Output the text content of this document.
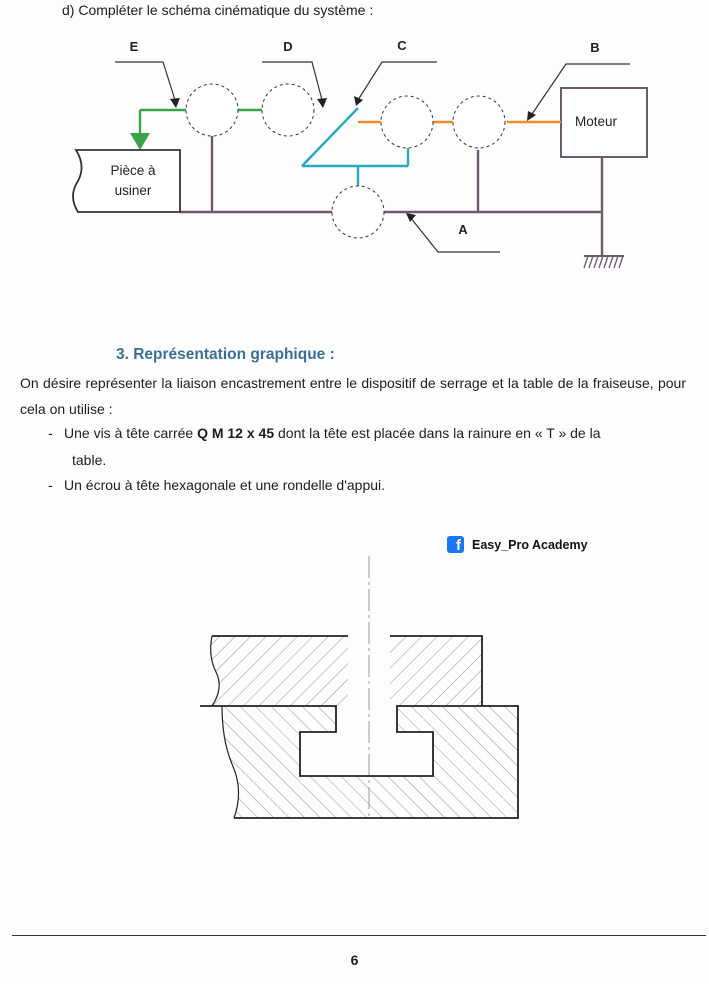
d) Compléter le schéma cinématique du système :
Pièce à
usiner
Moteur
E	D	C	B
A
3. Représentation graphique :
On désire représenter la liaison encastrement entre le dispositif de serrage et la table de la fraiseuse, pour cela on utilise :
- Une vis à tête carrée Q M 12 x 45 dont la tête est placée dans la rainure en « T » de la
table.
- Un écrou à tête hexagonale et une rondelle d'appui.
f Easy_Pro Academy
6
